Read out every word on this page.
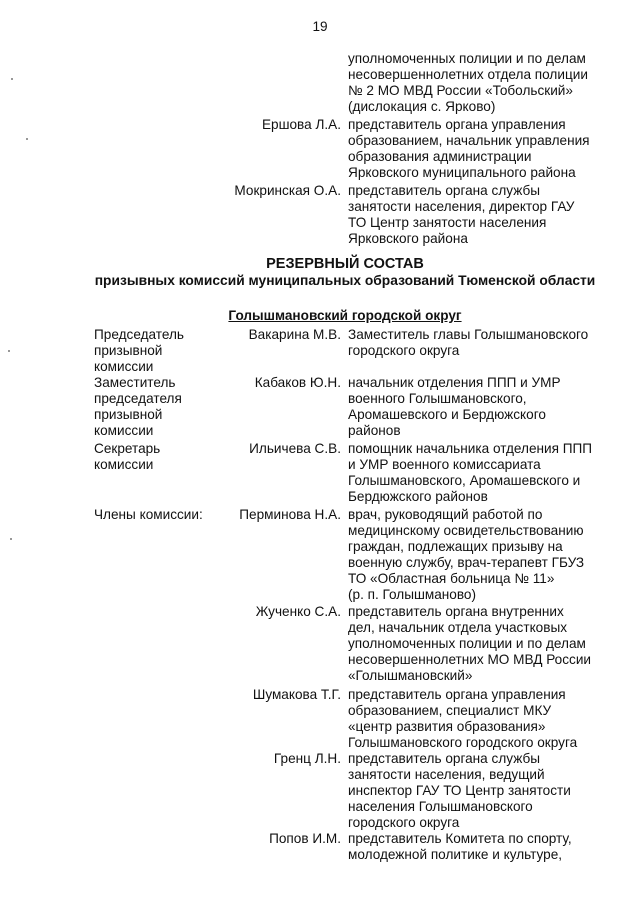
19
уполномоченных полиции и по делам
несовершеннолетних отдела полиции
№ 2 МО МВД России «Тобольский»
(дислокация с. Ярково)
Ершова Л.А. представитель органа управления
образованием, начальник управления
образования администрации
Ярковского муниципального района
Мокринская О.А. представитель органа службы
занятости населения, директор ГАУ
ТО Центр занятости населения
Ярковского района
РЕЗЕРВНЫЙ СОСТАВ
призывных комиссий муниципальных образований Тюменской области
Голышмановский городской округ
Председатель
призывной
комиссии
Вакарина М.В. Заместитель главы Голышмановского
городского округа
Заместитель
председателя
призывной
комиссии
Кабаков Ю.Н. начальник отделения ППП и УМР
военного Голышмановского,
Аромашевского и Бердюжского
районов
Секретарь
комиссии
Ильичева С.В. помощник начальника отделения ППП
и УМР военного комиссариата
Голышмановского, Аромашевского и
Бердюжского районов
Члены комиссии:	Перминова Н.А. врач, руководящий работой по
медицинскому освидетельствованию
граждан, подлежащих призыву на
военную службу, врач-терапевт ГБУЗ
ТО «Областная больница № 11»
(р. п. Голышманово)
Жученко С.А. представитель органа внутренних
дел, начальник отдела участковых
уполномоченных полиции и по делам
несовершеннолетних МО МВД России
«Голышмановский»
Шумакова Т.Г. представитель органа управления
образованием, специалист МКУ
«центр развития образования»
Голышмановского городского округа
Гренц Л.Н. представитель органа службы
занятости населения, ведущий
инспектор ГАУ ТО Центр занятости
населения Голышмановского
городского округа
Попов И.М. представитель Комитета по спорту,
молодежной политике и культуре,
